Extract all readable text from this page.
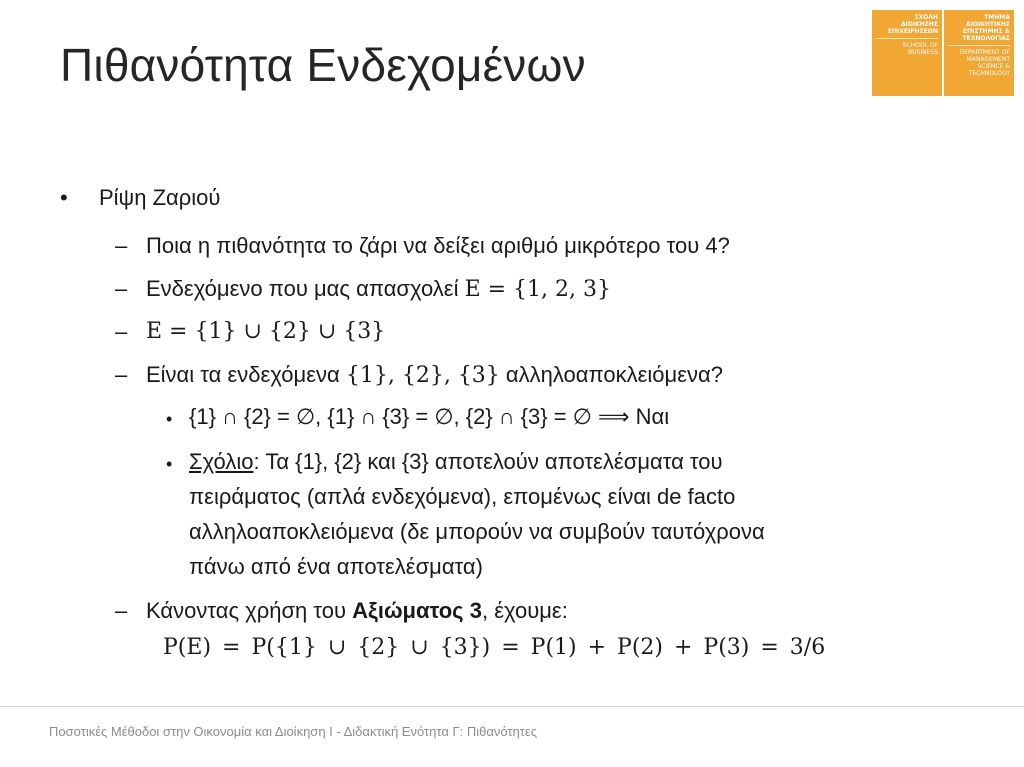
Πιθανότητα Ενδεχομένων
ΣΧΟΛΗ
ΔΙΟΙΚΗΣΗΣ
ΕΠΙΧΕΙΡΗΣΕΩΝ
SCHOOL OF
BUSINESS
ΤΜΗΜΑ
ΔΙΟΙΚΗΤΙΚΗΣ
ΕΠΙΣΤΗΜΗΣ &
ΤΕΧΝΟΛΟΓΙΑΣ
DEPARTMENT OF
MANAGEMENT
SCIENCE &
TECHNOLOGY
• Ρίψη Ζαριού
– Ποια η πιθανότητα το ζάρι να δείξει αριθμό μικρότερο του 4?
– Ενδεχόμενο που μας απασχολεί E = {1, 2, 3}
– E = {1} ∪ {2} ∪ {3}
– Είναι τα ενδεχόμενα {1}, {2}, {3} αλληλοαποκλειόμενα?
• {1} ∩ {2} = ∅, {1} ∩ {3} = ∅, {2} ∩ {3} = ∅ ⟹ Ναι
• Σχόλιο: Τα {1}, {2} και {3} αποτελούν αποτελέσματα του
πειράματος (απλά ενδεχόμενα), επομένως είναι de facto
αλληλοαποκλειόμενα (δε μπορούν να συμβούν ταυτόχρονα
πάνω από ένα αποτελέσματα)
– Κάνοντας χρήση του Αξιώματος 3, έχουμε:
P(E) = P({1} ∪ {2} ∪ {3}) = P(1) + P(2) + P(3) = 3/6
Ποσοτικές Μέθοδοι στην Οικονομία και Διοίκηση Ι - Διδακτική Ενότητα Γ: Πιθανότητες
